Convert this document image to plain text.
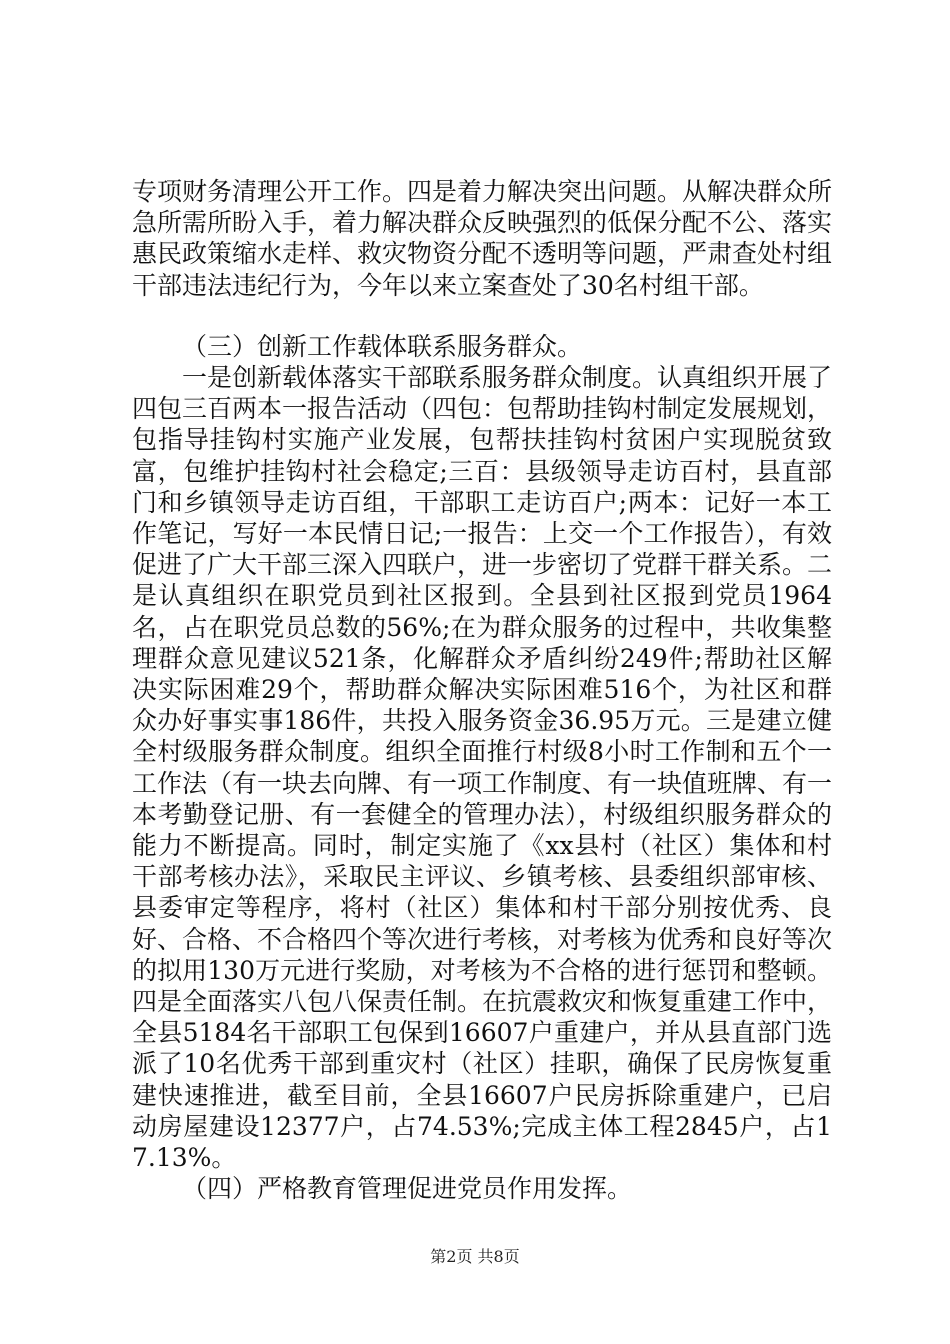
专项财务清理公开工作。四是着力解决突出问题。从解决群众所急所需所盼入手，着力解决群众反映强烈的低保分配不公、落实惠民政策缩水走样、救灾物资分配不透明等问题，严肃查处村组干部违法违纪行为，今年以来立案查处了30名村组干部。

（三）创新工作载体联系服务群众。

一是创新载体落实干部联系服务群众制度。认真组织开展了四包三百两本一报告活动（四包：包帮助挂钩村制定发展规划，包指导挂钩村实施产业发展，包帮扶挂钩村贫困户实现脱贫致富，包维护挂钩村社会稳定;三百：县级领导走访百村，县直部门和乡镇领导走访百组，干部职工走访百户;两本：记好一本工作笔记，写好一本民情日记;一报告：上交一个工作报告），有效促进了广大干部三深入四联户，进一步密切了党群干群关系。二是认真组织在职党员到社区报到。全县到社区报到党员1964名，占在职党员总数的56%;在为群众服务的过程中，共收集整理群众意见建议521条，化解群众矛盾纠纷249件;帮助社区解决实际困难29个，帮助群众解决实际困难516个，为社区和群众办好事实事186件，共投入服务资金36.95万元。三是建立健全村级服务群众制度。组织全面推行村级8小时工作制和五个一工作法（有一块去向牌、有一项工作制度、有一块值班牌、有一本考勤登记册、有一套健全的管理办法），村级组织服务群众的能力不断提高。同时，制定实施了《xx县村（社区）集体和村干部考核办法》，采取民主评议、乡镇考核、县委组织部审核、县委审定等程序，将村（社区）集体和村干部分别按优秀、良好、合格、不合格四个等次进行考核，对考核为优秀和良好等次的拟用130万元进行奖励，对考核为不合格的进行惩罚和整顿。四是全面落实八包八保责任制。在抗震救灾和恢复重建工作中，全县5184名干部职工包保到16607户重建户，并从县直部门选派了10名优秀干部到重灾村（社区）挂职，确保了民房恢复重建快速推进，截至目前，全县16607户民房拆除重建户，已启动房屋建设12377户，占74.53%;完成主体工程2845户，占17.13%。

（四）严格教育管理促进党员作用发挥。

第2页 共8页
